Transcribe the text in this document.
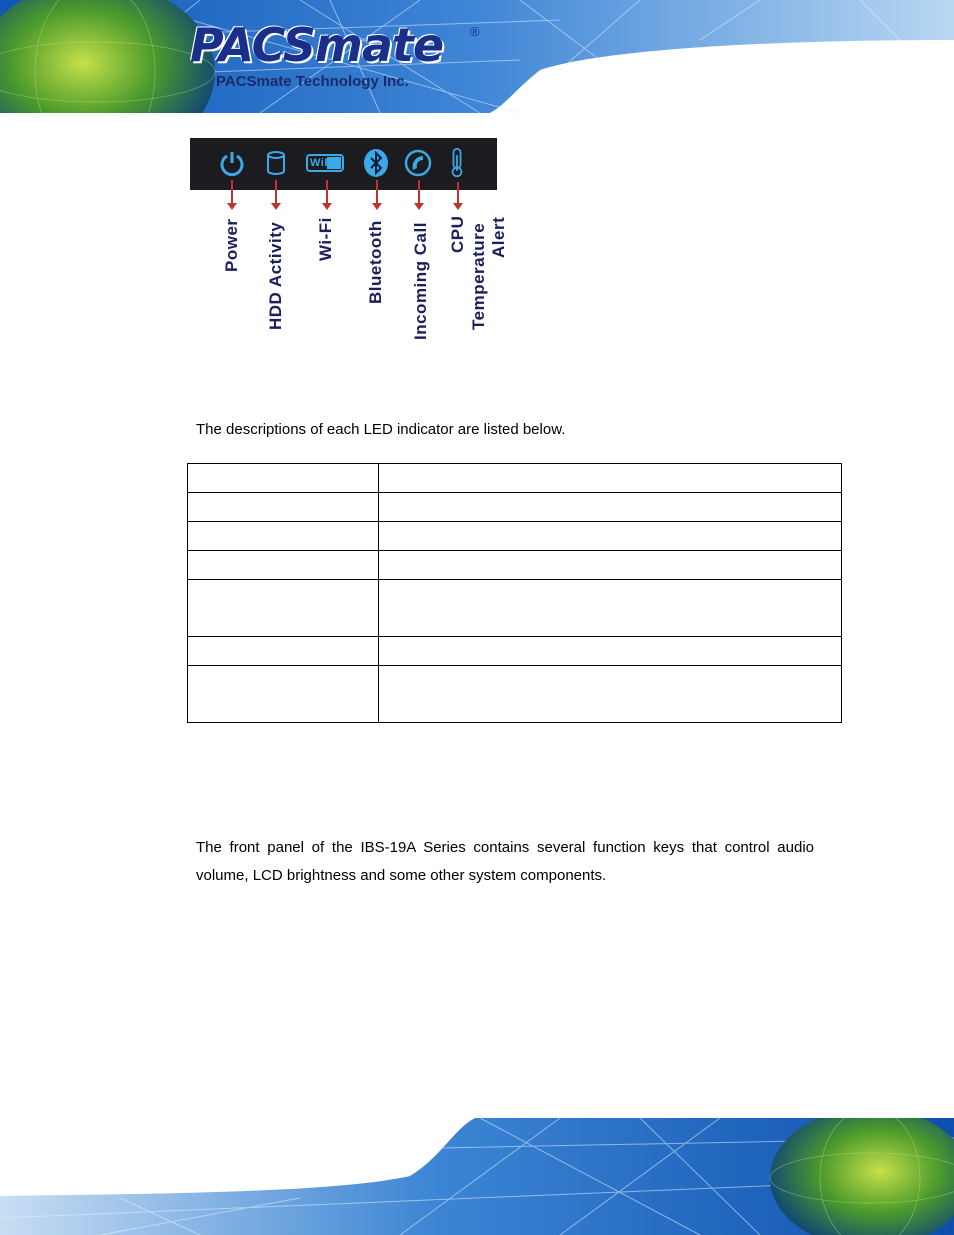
PACSmate ®
PACSmate Technology Inc.
WiFi
Power HDD Activity Wi-Fi Bluetooth Incoming Call CPU Temperature Alert
The descriptions of each LED indicator are listed below.

The front panel of the IBS-19A Series contains several function keys that control audio volume, LCD brightness and some other system components.
